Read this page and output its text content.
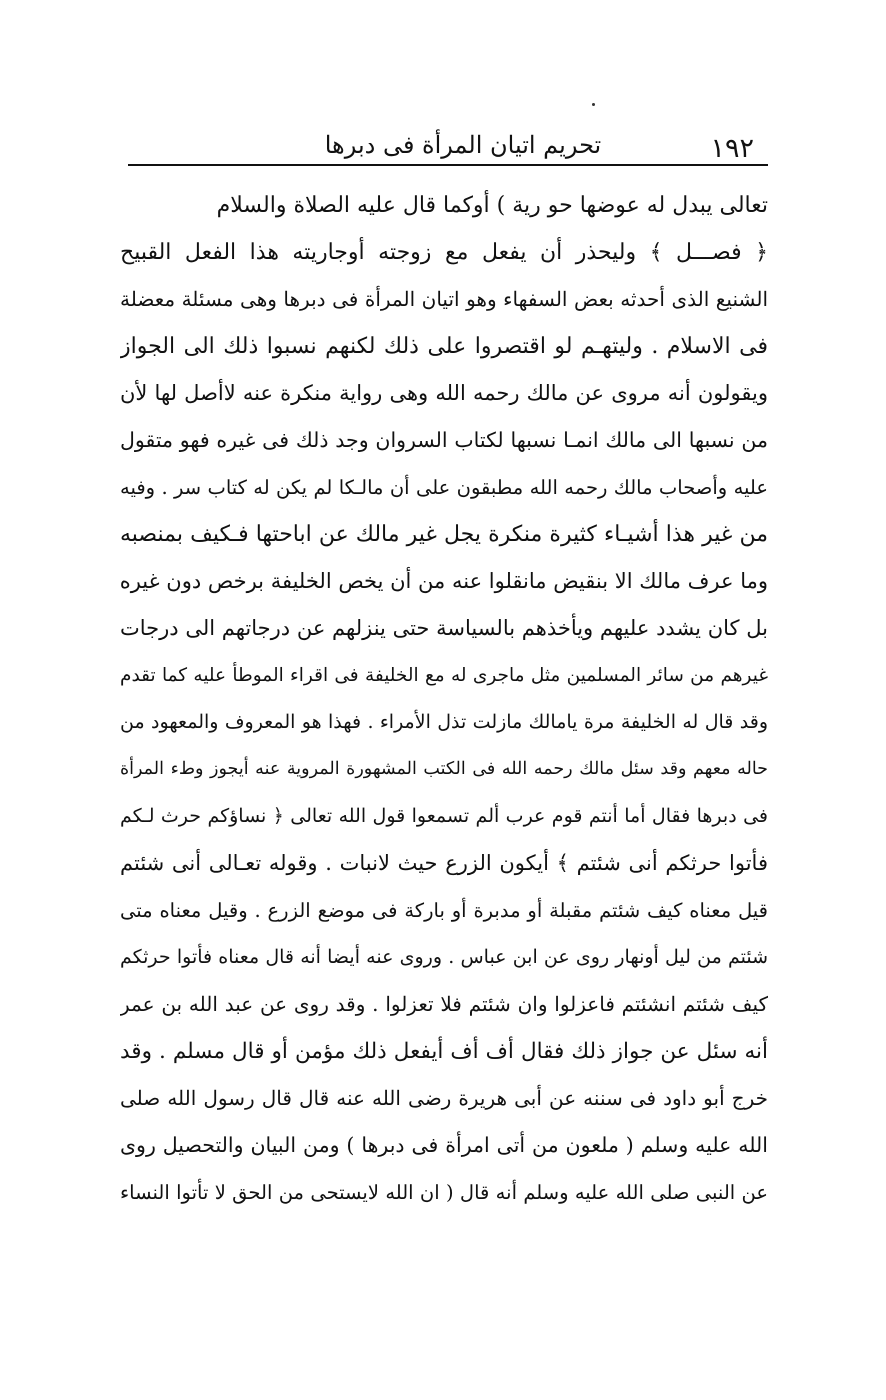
١٩٢
تحريم اتيان المرأة فى دبرها
تعالى يبدل له عوضها حو رية ) أوكما قال عليه الصلاة والسلام
﴿ فصـــل ﴾ وليحذر أن يفعل مع زوجته أوجاريته هذا الفعل القبيح
الشنيع الذى أحدثه بعض السفهاء وهو اتيان المرأة فى دبرها وهى مسئلة معضلة
فى الاسلام . وليتهـم لو اقتصروا على ذلك لكنهم نسبوا ذلك الى الجواز
ويقولون أنه مروى عن مالك رحمه الله وهى رواية منكرة عنه لاأصل لها لأن
من نسبها الى مالك انمـا نسبها لكتاب السروان وجد ذلك فى غيره فهو متقول
عليه وأصحاب مالك رحمه الله مطبقون على أن مالـكا لم يكن له كتاب سر . وفيه
من غير هذا أشيـاء كثيرة منكرة يجل غير مالك عن اباحتها فـكيف بمنصبه
وما عرف مالك الا بنقيض مانقلوا عنه من أن يخص الخليفة برخص دون غيره
بل كان يشدد عليهم ويأخذهم بالسياسة حتى ينزلهم عن درجاتهم الى درجات
غيرهم من سائر المسلمين مثل ماجرى له مع الخليفة فى اقراء الموطأ عليه كما تقدم
وقد قال له الخليفة مرة يامالك مازلت تذل الأمراء . فهذا هو المعروف والمعهود من
حاله معهم وقد سئل مالك رحمه الله فى الكتب المشهورة المروية عنه أيجوز وطء المرأة
فى دبرها فقال أما أنتم قوم عرب ألم تسمعوا قول الله تعالى ﴿ نساؤكم حرث لـكم
فأتوا حرثكم أنى شئتم ﴾ أيكون الزرع حيث لانبات . وقوله تعـالى أنى شئتم
قيل معناه كيف شئتم مقبلة أو مدبرة أو باركة فى موضع الزرع . وقيل معناه متى
شئتم من ليل أونهار روى عن ابن عباس . وروى عنه أيضا أنه قال معناه فأتوا حرثكم
كيف شئتم انشئتم فاعزلوا وان شئتم فلا تعزلوا . وقد روى عن عبد الله بن عمر
أنه سئل عن جواز ذلك فقال أف أف أيفعل ذلك مؤمن أو قال مسلم . وقد
خرج أبو داود فى سننه عن أبى هريرة رضى الله عنه قال قال رسول الله صلى
الله عليه وسلم ( ملعون من أتى امرأة فى دبرها ) ومن البيان والتحصيل روى
عن النبى صلى الله عليه وسلم أنه قال ( ان الله لايستحى من الحق لا تأتوا النساء
